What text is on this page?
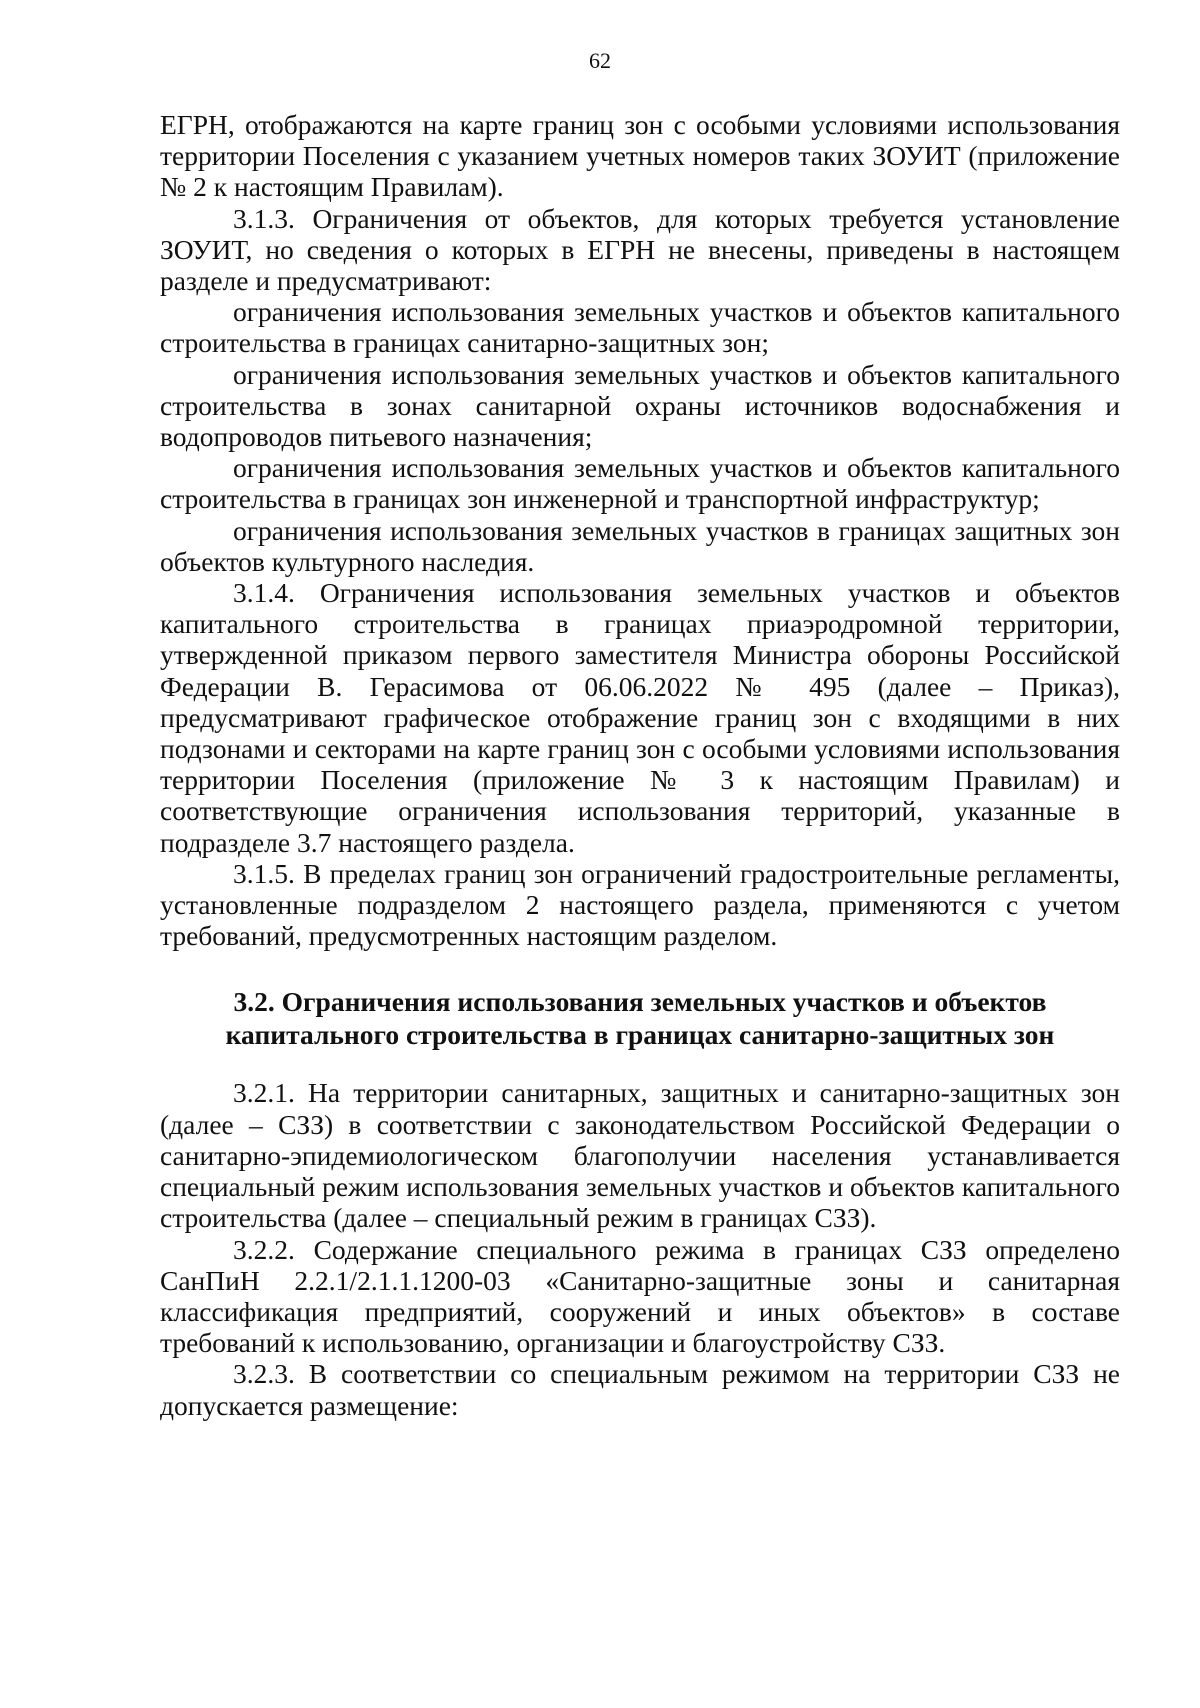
62

ЕГРН, отображаются на карте границ зон с особыми условиями использования территории Поселения с указанием учетных номеров таких ЗОУИТ (приложение № 2 к настоящим Правилам).

3.1.3. Ограничения от объектов, для которых требуется установление ЗОУИТ, но сведения о которых в ЕГРН не внесены, приведены в настоящем разделе и предусматривают:

ограничения использования земельных участков и объектов капитального строительства в границах санитарно-защитных зон;

ограничения использования земельных участков и объектов капитального строительства в зонах санитарной охраны источников водоснабжения и водопроводов питьевого назначения;

ограничения использования земельных участков и объектов капитального строительства в границах зон инженерной и транспортной инфраструктур;

ограничения использования земельных участков в границах защитных зон объектов культурного наследия.

3.1.4. Ограничения использования земельных участков и объектов капитального строительства в границах приаэродромной территории, утвержденной приказом первого заместителя Министра обороны Российской Федерации В. Герасимова от 06.06.2022 № 495 (далее – Приказ), предусматривают графическое отображение границ зон с входящими в них подзонами и секторами на карте границ зон с особыми условиями использования территории Поселения (приложение № 3 к настоящим Правилам) и соответствующие ограничения использования территорий, указанные в подразделе 3.7 настоящего раздела.

3.1.5. В пределах границ зон ограничений градостроительные регламенты, установленные подразделом 2 настоящего раздела, применяются с учетом требований, предусмотренных настоящим разделом.

3.2. Ограничения использования земельных участков и объектов
капитального строительства в границах санитарно-защитных зон

3.2.1. На территории санитарных, защитных и санитарно-защитных зон (далее – СЗЗ) в соответствии с законодательством Российской Федерации о санитарно-эпидемиологическом благополучии населения устанавливается специальный режим использования земельных участков и объектов капитального строительства (далее – специальный режим в границах СЗЗ).

3.2.2. Содержание специального режима в границах СЗЗ определено СанПиН 2.2.1/2.1.1.1200-03 «Санитарно-защитные зоны и санитарная классификация предприятий, сооружений и иных объектов» в составе требований к использованию, организации и благоустройству СЗЗ.

3.2.3. В соответствии со специальным режимом на территории СЗЗ не допускается размещение:
